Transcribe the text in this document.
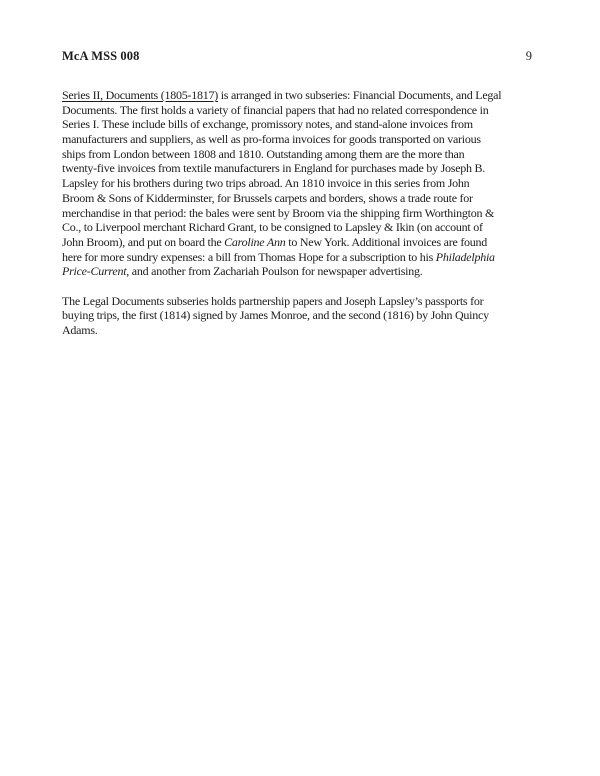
McA MSS 008	9
Series II, Documents (1805-1817) is arranged in two subseries: Financial Documents, and Legal
Documents. The first holds a variety of financial papers that had no related correspondence in
Series I. These include bills of exchange, promissory notes, and stand-alone invoices from
manufacturers and suppliers, as well as pro-forma invoices for goods transported on various
ships from London between 1808 and 1810. Outstanding among them are the more than
twenty-five invoices from textile manufacturers in England for purchases made by Joseph B.
Lapsley for his brothers during two trips abroad. An 1810 invoice in this series from John
Broom & Sons of Kidderminster, for Brussels carpets and borders, shows a trade route for
merchandise in that period: the bales were sent by Broom via the shipping firm Worthington &
Co., to Liverpool merchant Richard Grant, to be consigned to Lapsley & Ikin (on account of
John Broom), and put on board the Caroline Ann to New York. Additional invoices are found
here for more sundry expenses: a bill from Thomas Hope for a subscription to his Philadelphia
Price-Current, and another from Zachariah Poulson for newspaper advertising.
The Legal Documents subseries holds partnership papers and Joseph Lapsley’s passports for
buying trips, the first (1814) signed by James Monroe, and the second (1816) by John Quincy
Adams.
